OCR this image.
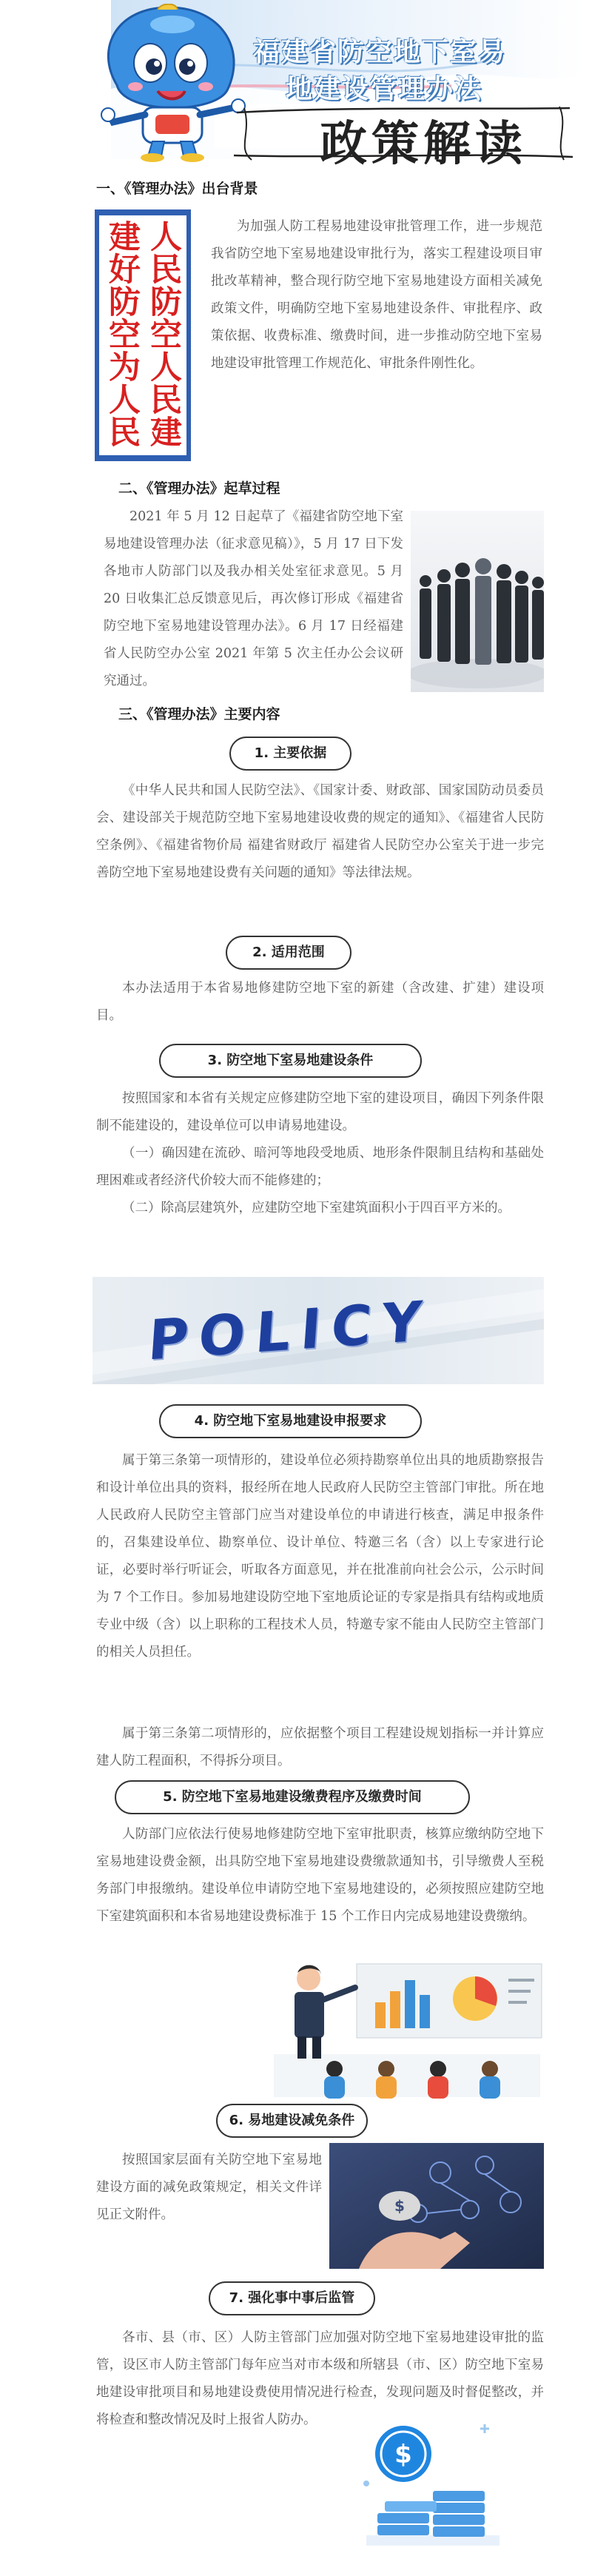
福建省防空地下室易
地建设管理办法
政策解读
一、《管理办法》出台背景
人民防空人民建
建好防空为人民	为加强人防工程易地建设审批管理工作，进一步规范我省防空地下室易地建设审批行为，落实工程建设项目审批改革精神，整合现行防空地下室易地建设方面相关减免政策文件，明确防空地下室易地建设条件、审批程序、政策依据、收费标准、缴费时间，进一步推动防空地下室易地建设审批管理工作规范化、审批条件刚性化。
二、《管理办法》起草过程
2021 年 5 月 12 日起草了《福建省防空地下室易地建设管理办法（征求意见稿）》，5 月 17 日下发各地市人防部门以及我办相关处室征求意见。5 月 20 日收集汇总反馈意见后，再次修订形成《福建省防空地下室易地建设管理办法》。6 月 17 日经福建省人民防空办公室 2021 年第 5 次主任办公会议研究通过。
三、《管理办法》主要内容
1. 主要依据
《中华人民共和国人民防空法》、《国家计委、财政部、国家国防动员委员会、建设部关于规范防空地下室易地建设收费的规定的通知》、《福建省人民防空条例》、《福建省物价局 福建省财政厅 福建省人民防空办公室关于进一步完善防空地下室易地建设费有关问题的通知》等法律法规。
2. 适用范围
本办法适用于本省易地修建防空地下室的新建（含改建、扩建）建设项目。
3. 防空地下室易地建设条件
按照国家和本省有关规定应修建防空地下室的建设项目，确因下列条件限制不能建设的，建设单位可以申请易地建设。
（一）确因建在流砂、暗河等地段受地质、地形条件限制且结构和基础处理困难或者经济代价较大而不能修建的；
（二）除高层建筑外，应建防空地下室建筑面积小于四百平方米的。
POLICY
4. 防空地下室易地建设申报要求
属于第三条第一项情形的，建设单位必须持勘察单位出具的地质勘察报告和设计单位出具的资料，报经所在地人民政府人民防空主管部门审批。所在地人民政府人民防空主管部门应当对建设单位的申请进行核查，满足申报条件的，召集建设单位、勘察单位、设计单位、特邀三名（含）以上专家进行论证，必要时举行听证会，听取各方面意见，并在批准前向社会公示，公示时间为 7 个工作日。参加易地建设防空地下室地质论证的专家是指具有结构或地质专业中级（含）以上职称的工程技术人员，特邀专家不能由人民防空主管部门的相关人员担任。
属于第三条第二项情形的，应依据整个项目工程建设规划指标一并计算应建人防工程面积，不得拆分项目。
5. 防空地下室易地建设缴费程序及缴费时间
人防部门应依法行使易地修建防空地下室审批职责，核算应缴纳防空地下室易地建设费金额，出具防空地下室易地建设费缴款通知书，引导缴费人至税务部门申报缴纳。建设单位申请防空地下室易地建设的，必须按照应建防空地下室建筑面积和本省易地建设费标准于 15 个工作日内完成易地建设费缴纳。
6. 易地建设减免条件
按照国家层面有关防空地下室易地建设方面的减免政策规定，相关文件详见正文附件。	$
7. 强化事中事后监管
各市、县（市、区）人防主管部门应加强对防空地下室易地建设审批的监管，设区市人防主管部门每年应当对市本级和所辖县（市、区）防空地下室易地建设审批项目和易地建设费使用情况进行检查，发现问题及时督促整改，并将检查和整改情况及时上报省人防办。
$
